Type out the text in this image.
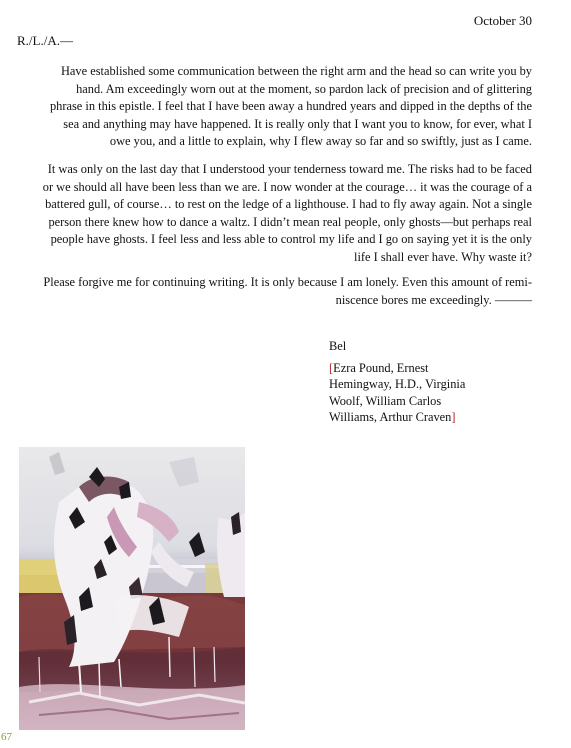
October 30
R./L./A.—
Have established some communication between the right arm and the head so can write you by
hand. Am exceedingly worn out at the moment, so pardon lack of precision and of glittering
phrase in this epistle. I feel that I have been away a hundred years and dipped in the depths of the
sea and anything may have happened. It is really only that I want you to know, for ever, what I
owe you, and a little to explain, why I flew away so far and so swiftly, just as I came.
It was only on the last day that I understood your tenderness toward me. The risks had to be faced
or we should all have been less than we are. I now wonder at the courage… it was the courage of a
battered gull, of course… to rest on the ledge of a lighthouse. I had to fly away again. Not a single
person there knew how to dance a waltz. I didn’t mean real people, only ghosts—but perhaps real
people have ghosts. I feel less and less able to control my life and I go on saying yet it is the only
life I shall ever have. Why waste it?
Please forgive me for continuing writing. It is only because I am lonely. Even this amount of remi-
niscence bores me exceedingly. ———
Bel
[Ezra Pound, Ernest
Hemingway, H.D., Virginia
Woolf, William Carlos
Williams, Arthur Craven]
67
